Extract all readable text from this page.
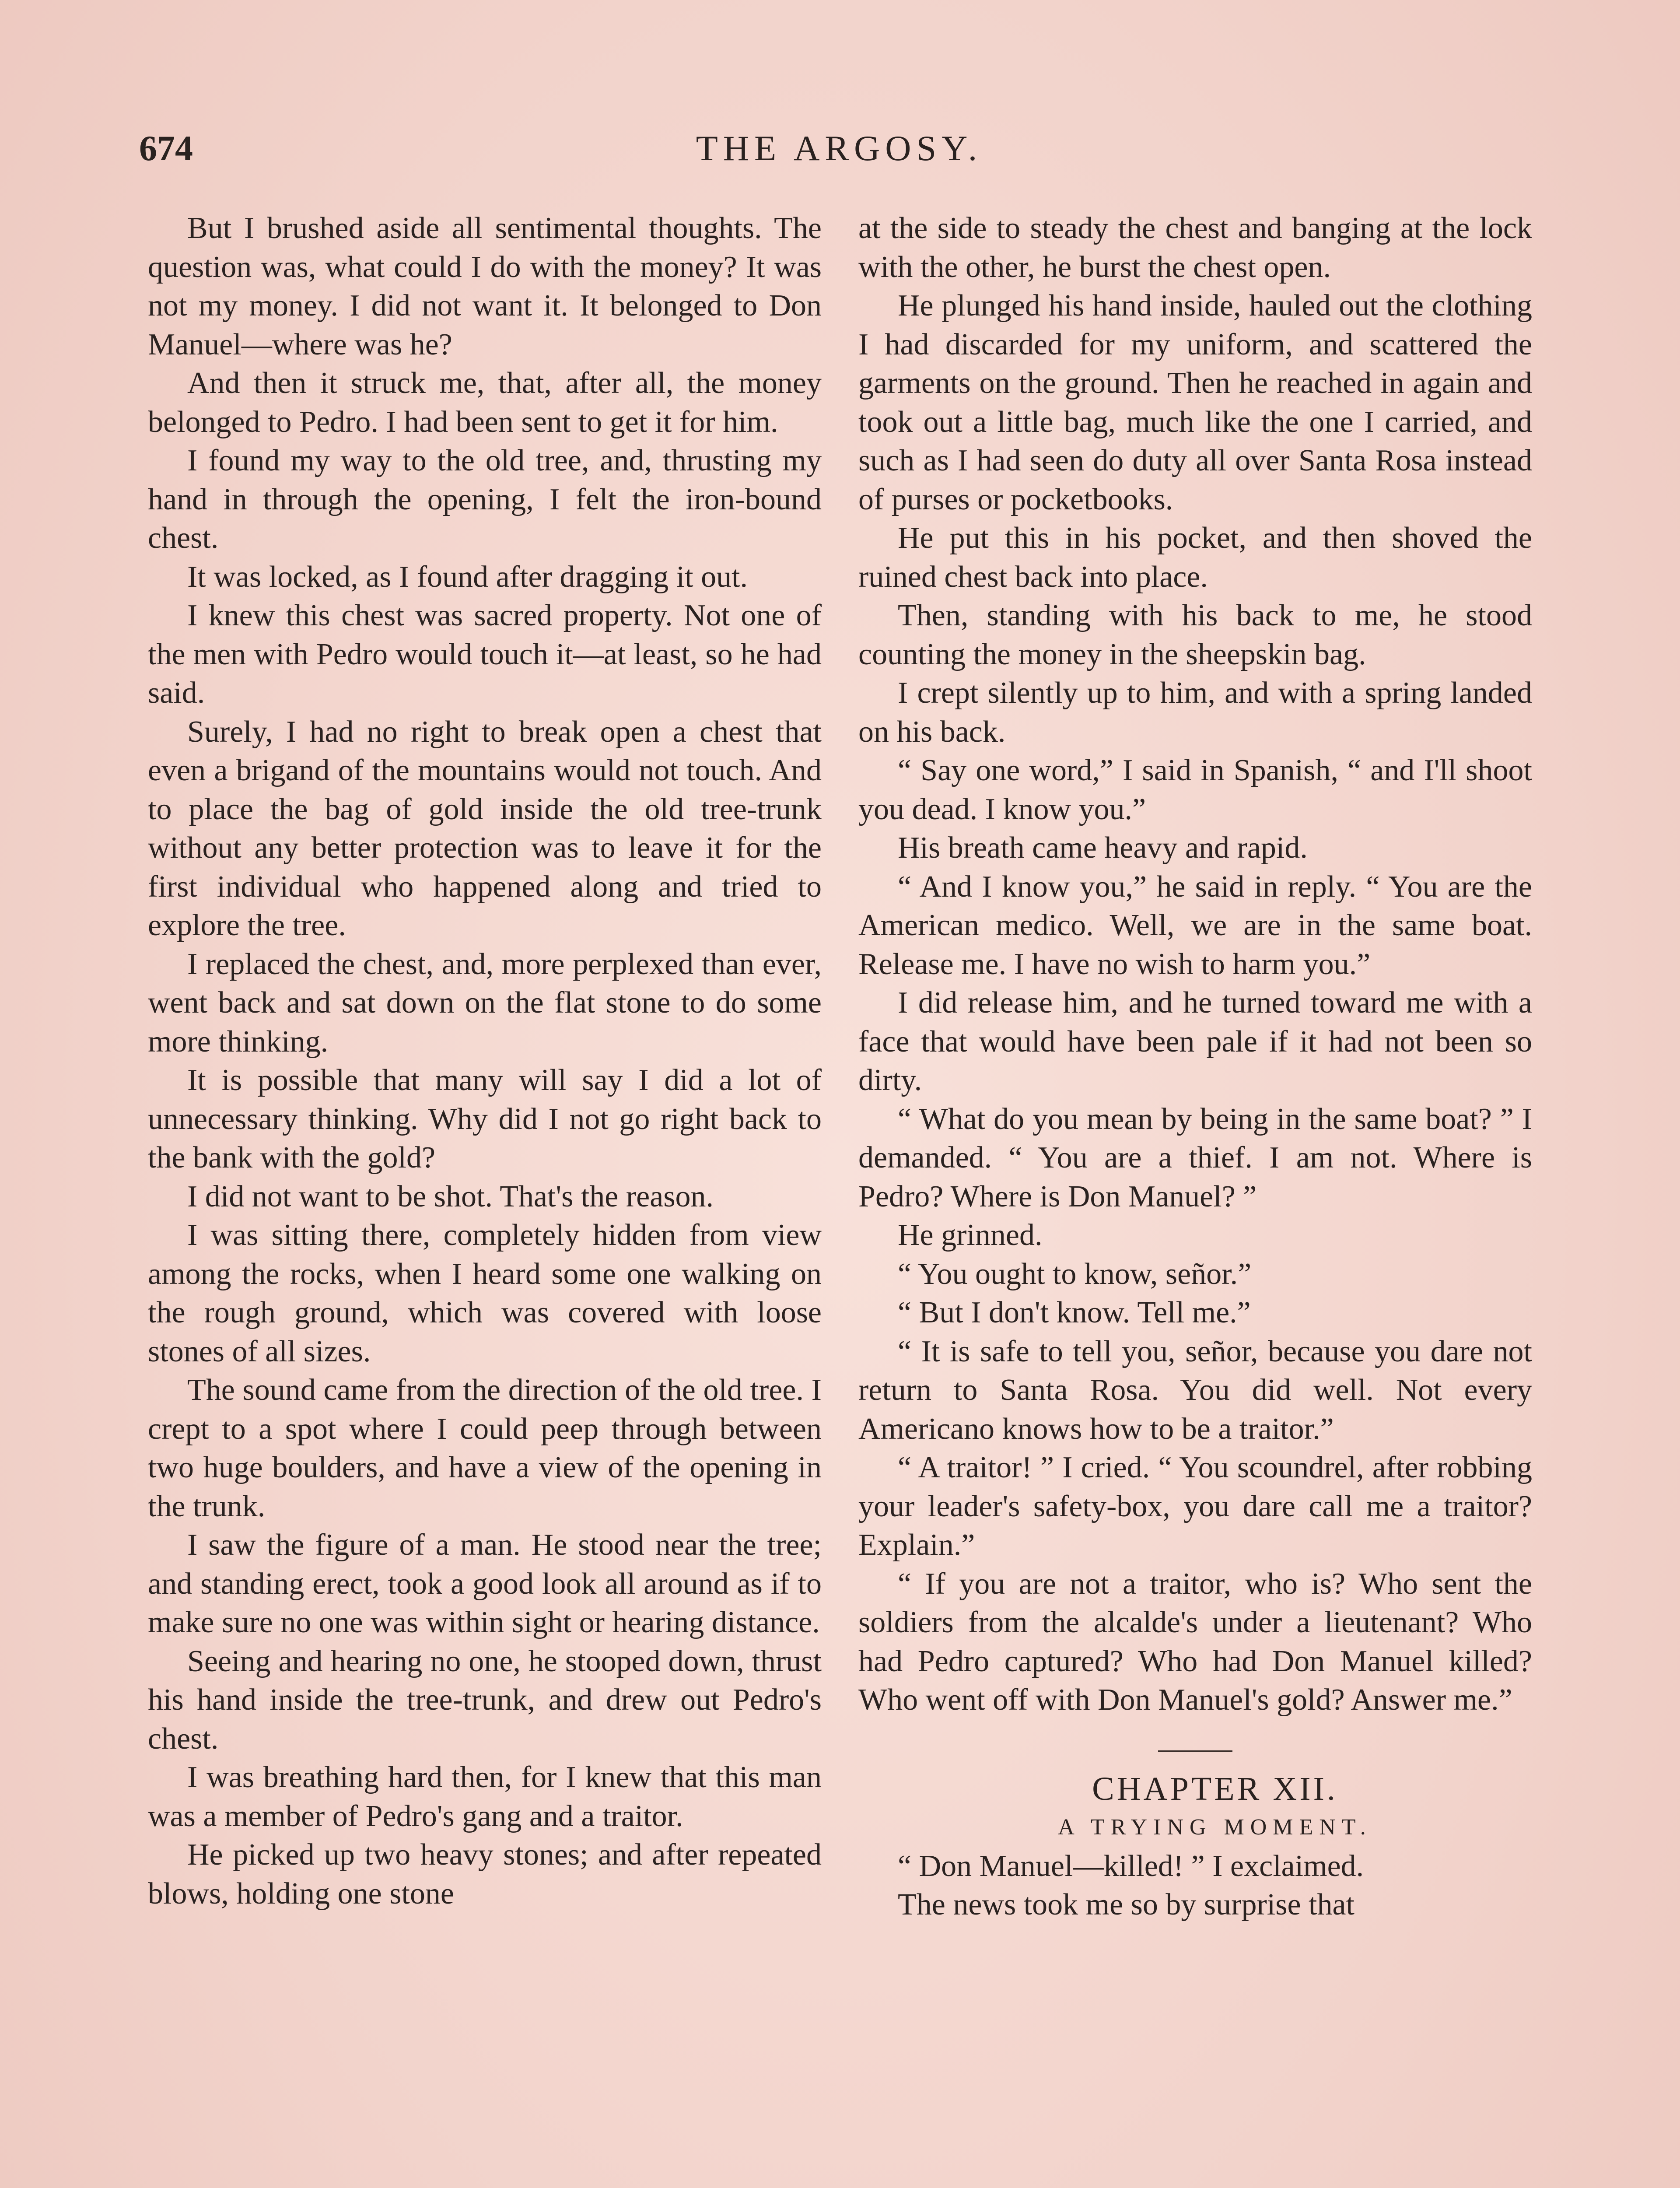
674	THE ARGOSY.

But I brushed aside all sentimental thoughts. The question was, what could I do with the money? It was not my money. I did not want it. It belonged to Don Manuel—where was he?

And then it struck me, that, after all, the money belonged to Pedro. I had been sent to get it for him.

I found my way to the old tree, and, thrusting my hand in through the opening, I felt the iron-bound chest.

It was locked, as I found after dragging it out.

I knew this chest was sacred property. Not one of the men with Pedro would touch it—at least, so he had said.

Surely, I had no right to break open a chest that even a brigand of the mountains would not touch. And to place the bag of gold inside the old tree-trunk without any better protection was to leave it for the first individual who happened along and tried to explore the tree.

I replaced the chest, and, more perplexed than ever, went back and sat down on the flat stone to do some more thinking.

It is possible that many will say I did a lot of unnecessary thinking. Why did I not go right back to the bank with the gold?

I did not want to be shot. That's the reason.

I was sitting there, completely hidden from view among the rocks, when I heard some one walking on the rough ground, which was covered with loose stones of all sizes.

The sound came from the direction of the old tree. I crept to a spot where I could peep through between two huge boulders, and have a view of the opening in the trunk.

I saw the figure of a man. He stood near the tree; and standing erect, took a good look all around as if to make sure no one was within sight or hearing distance.

Seeing and hearing no one, he stooped down, thrust his hand inside the tree-trunk, and drew out Pedro's chest.

I was breathing hard then, for I knew that this man was a member of Pedro's gang and a traitor.

He picked up two heavy stones; and after repeated blows, holding one stone

at the side to steady the chest and banging at the lock with the other, he burst the chest open.

He plunged his hand inside, hauled out the clothing I had discarded for my uniform, and scattered the garments on the ground. Then he reached in again and took out a little bag, much like the one I carried, and such as I had seen do duty all over Santa Rosa instead of purses or pocketbooks.

He put this in his pocket, and then shoved the ruined chest back into place.

Then, standing with his back to me, he stood counting the money in the sheepskin bag.

I crept silently up to him, and with a spring landed on his back.

“ Say one word,” I said in Spanish, “ and I'll shoot you dead. I know you.”

His breath came heavy and rapid.

“ And I know you,” he said in reply. “ You are the American medico. Well, we are in the same boat. Release me. I have no wish to harm you.”

I did release him, and he turned toward me with a face that would have been pale if it had not been so dirty.

“ What do you mean by being in the same boat? ” I demanded. “ You are a thief. I am not. Where is Pedro? Where is Don Manuel? ”

He grinned.

“ You ought to know, señor.”

“ But I don't know. Tell me.”

“ It is safe to tell you, señor, because you dare not return to Santa Rosa. You did well. Not every Americano knows how to be a traitor.”

“ A traitor! ” I cried. “ You scoundrel, after robbing your leader's safety-box, you dare call me a traitor? Explain.”

“ If you are not a traitor, who is? Who sent the soldiers from the alcalde's under a lieutenant? Who had Pedro captured? Who had Don Manuel killed? Who went off with Don Manuel's gold? Answer me.”

CHAPTER XII.

A TRYING MOMENT.

“ Don Manuel—killed! ” I exclaimed.

The news took me so by surprise that
